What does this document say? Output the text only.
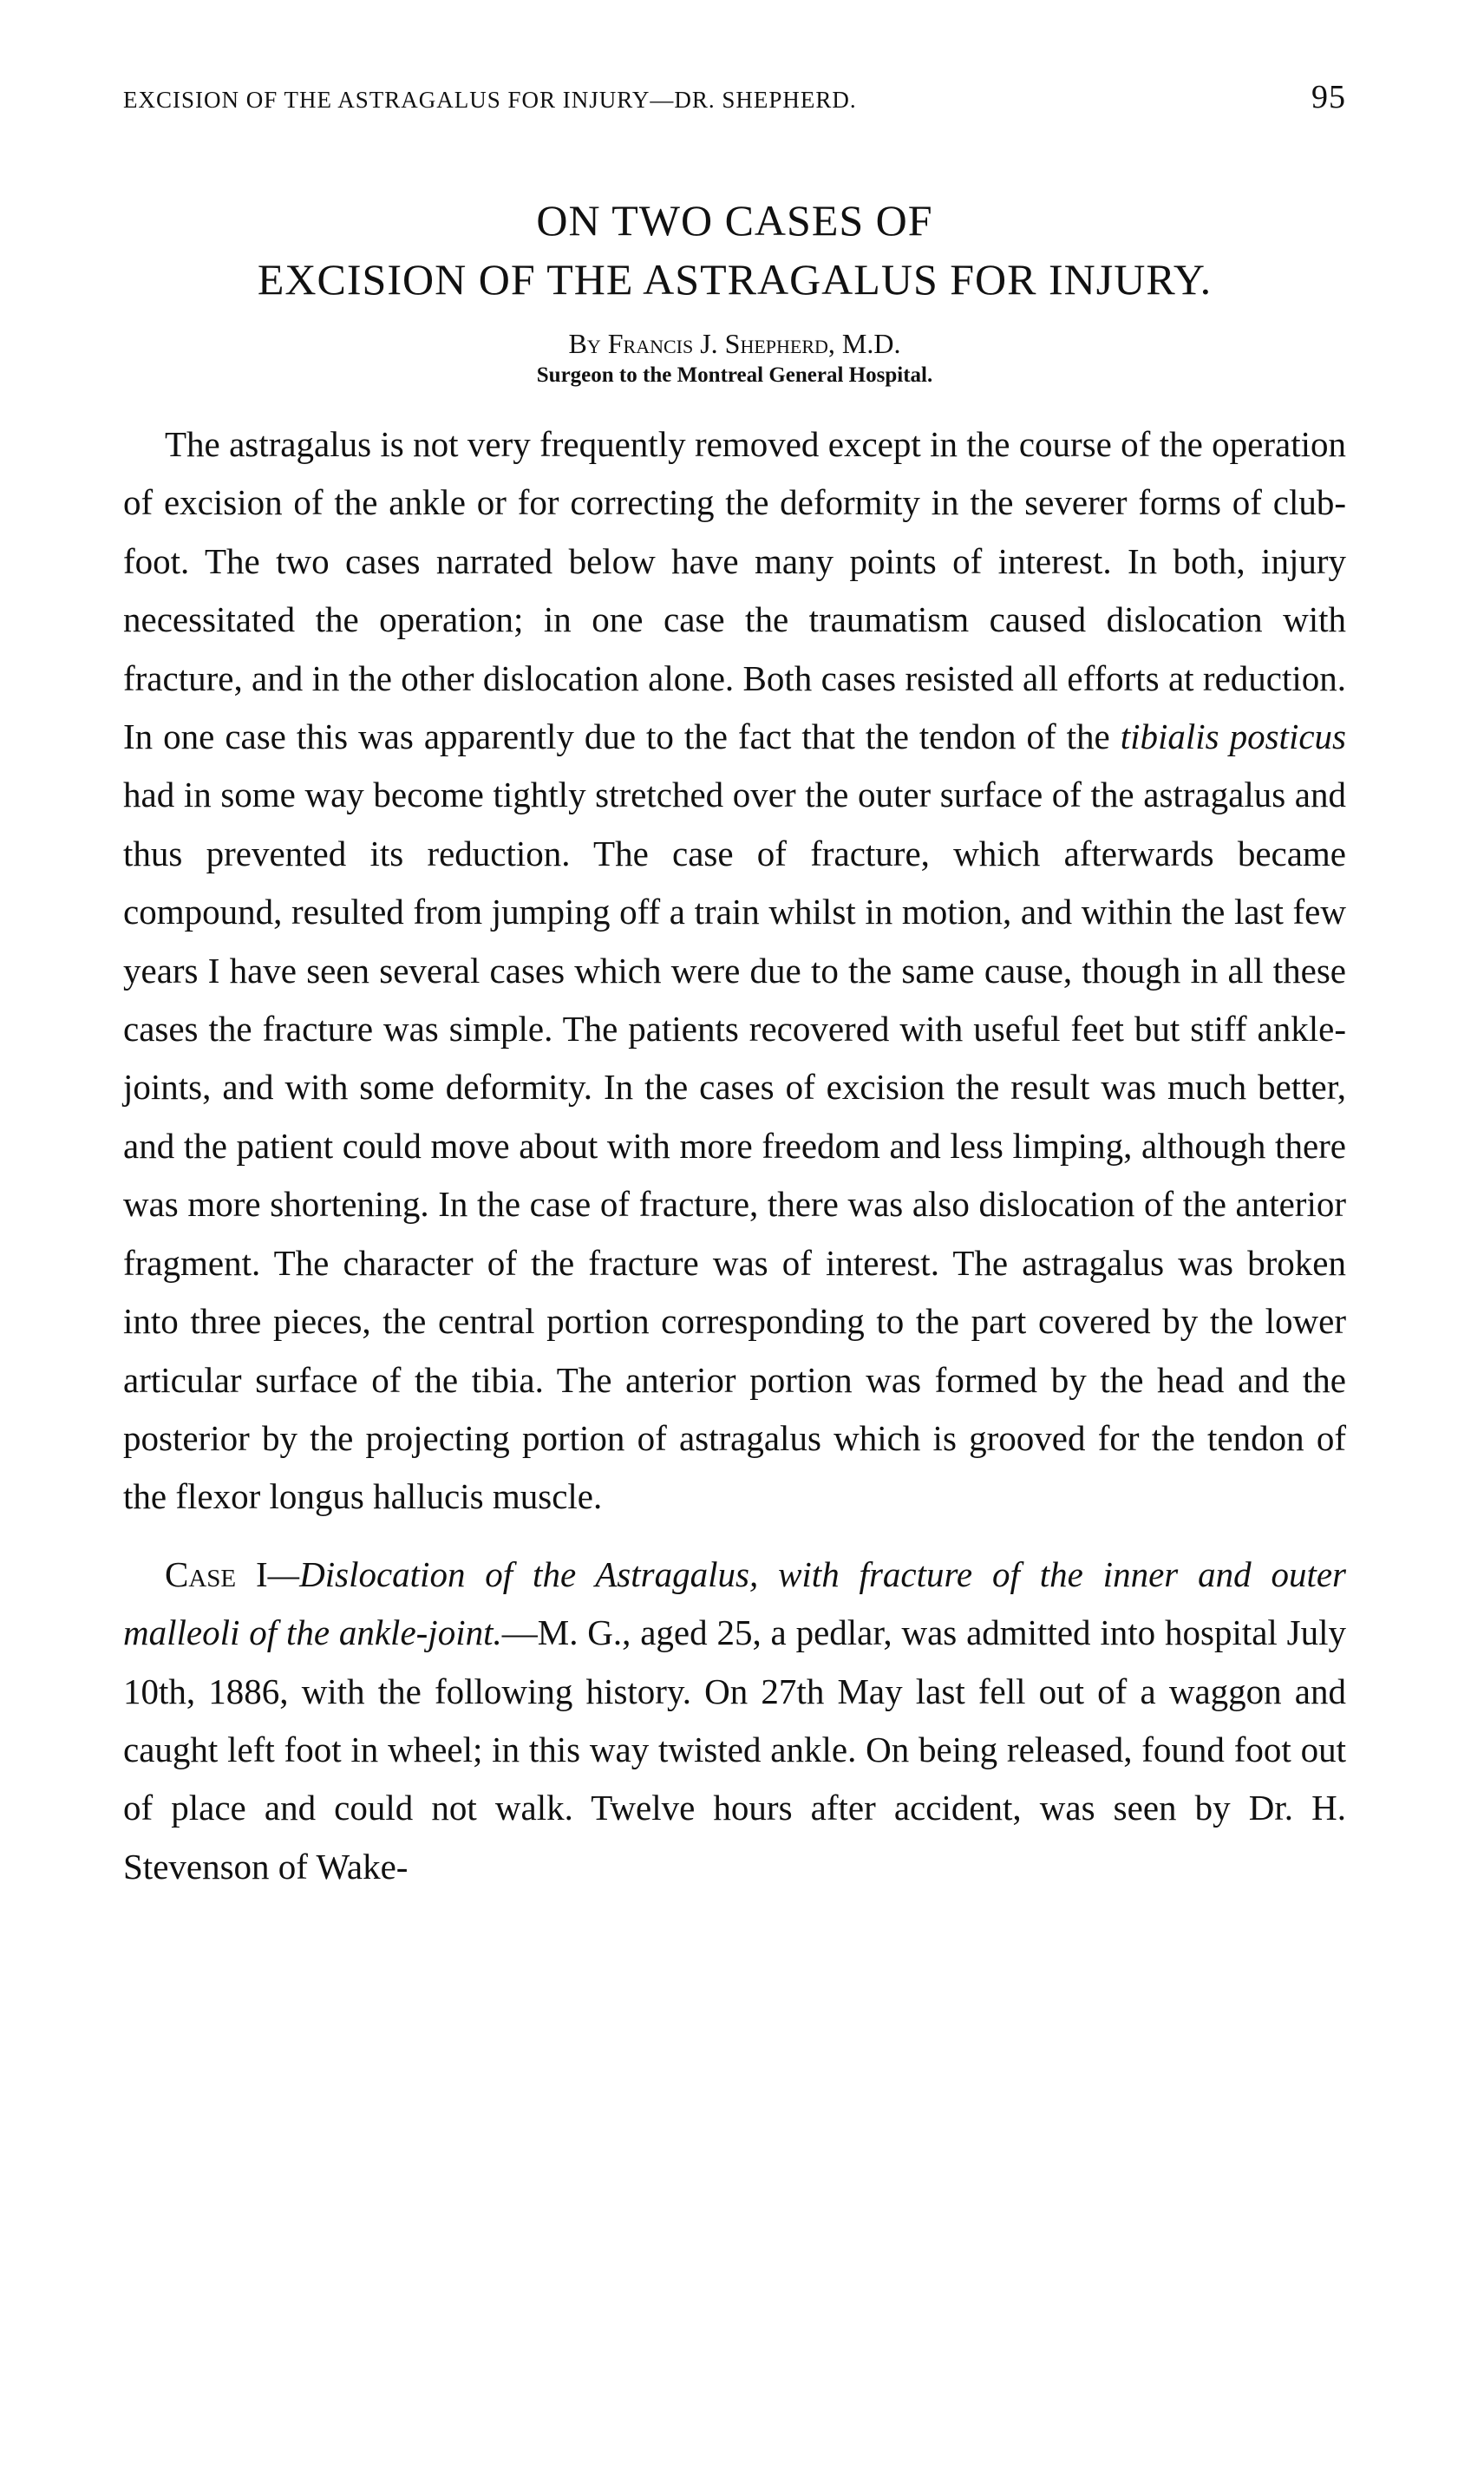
EXCISION OF THE ASTRAGALUS FOR INJURY—DR. SHEPHERD.	95
ON TWO CASES OF
EXCISION OF THE ASTRAGALUS FOR INJURY.
By Francis J. Shepherd, M.D.
Surgeon to the Montreal General Hospital.

The astragalus is not very frequently removed except in the course of the operation of excision of the ankle or for correcting the deformity in the severer forms of club-foot. The two cases narrated below have many points of interest. In both, injury necessitated the operation; in one case the traumatism caused dislocation with fracture, and in the other dislocation alone. Both cases resisted all efforts at reduction. In one case this was apparently due to the fact that the tendon of the tibialis posticus had in some way become tightly stretched over the outer surface of the astragalus and thus prevented its reduction. The case of fracture, which afterwards became compound, resulted from jumping off a train whilst in motion, and within the last few years I have seen several cases which were due to the same cause, though in all these cases the fracture was simple. The patients recovered with useful feet but stiff ankle-joints, and with some deformity. In the cases of excision the result was much better, and the patient could move about with more freedom and less limping, although there was more shortening. In the case of fracture, there was also dislocation of the anterior fragment. The character of the fracture was of interest. The astragalus was broken into three pieces, the central portion corresponding to the part covered by the lower articular surface of the tibia. The anterior portion was formed by the head and the posterior by the projecting portion of astragalus which is grooved for the tendon of the flexor longus hallucis muscle.

Case I—Dislocation of the Astragalus, with fracture of the inner and outer malleoli of the ankle-joint.—M. G., aged 25, a pedlar, was admitted into hospital July 10th, 1886, with the following history. On 27th May last fell out of a waggon and caught left foot in wheel; in this way twisted ankle. On being released, found foot out of place and could not walk. Twelve hours after accident, was seen by Dr. H. Stevenson of Wake-
